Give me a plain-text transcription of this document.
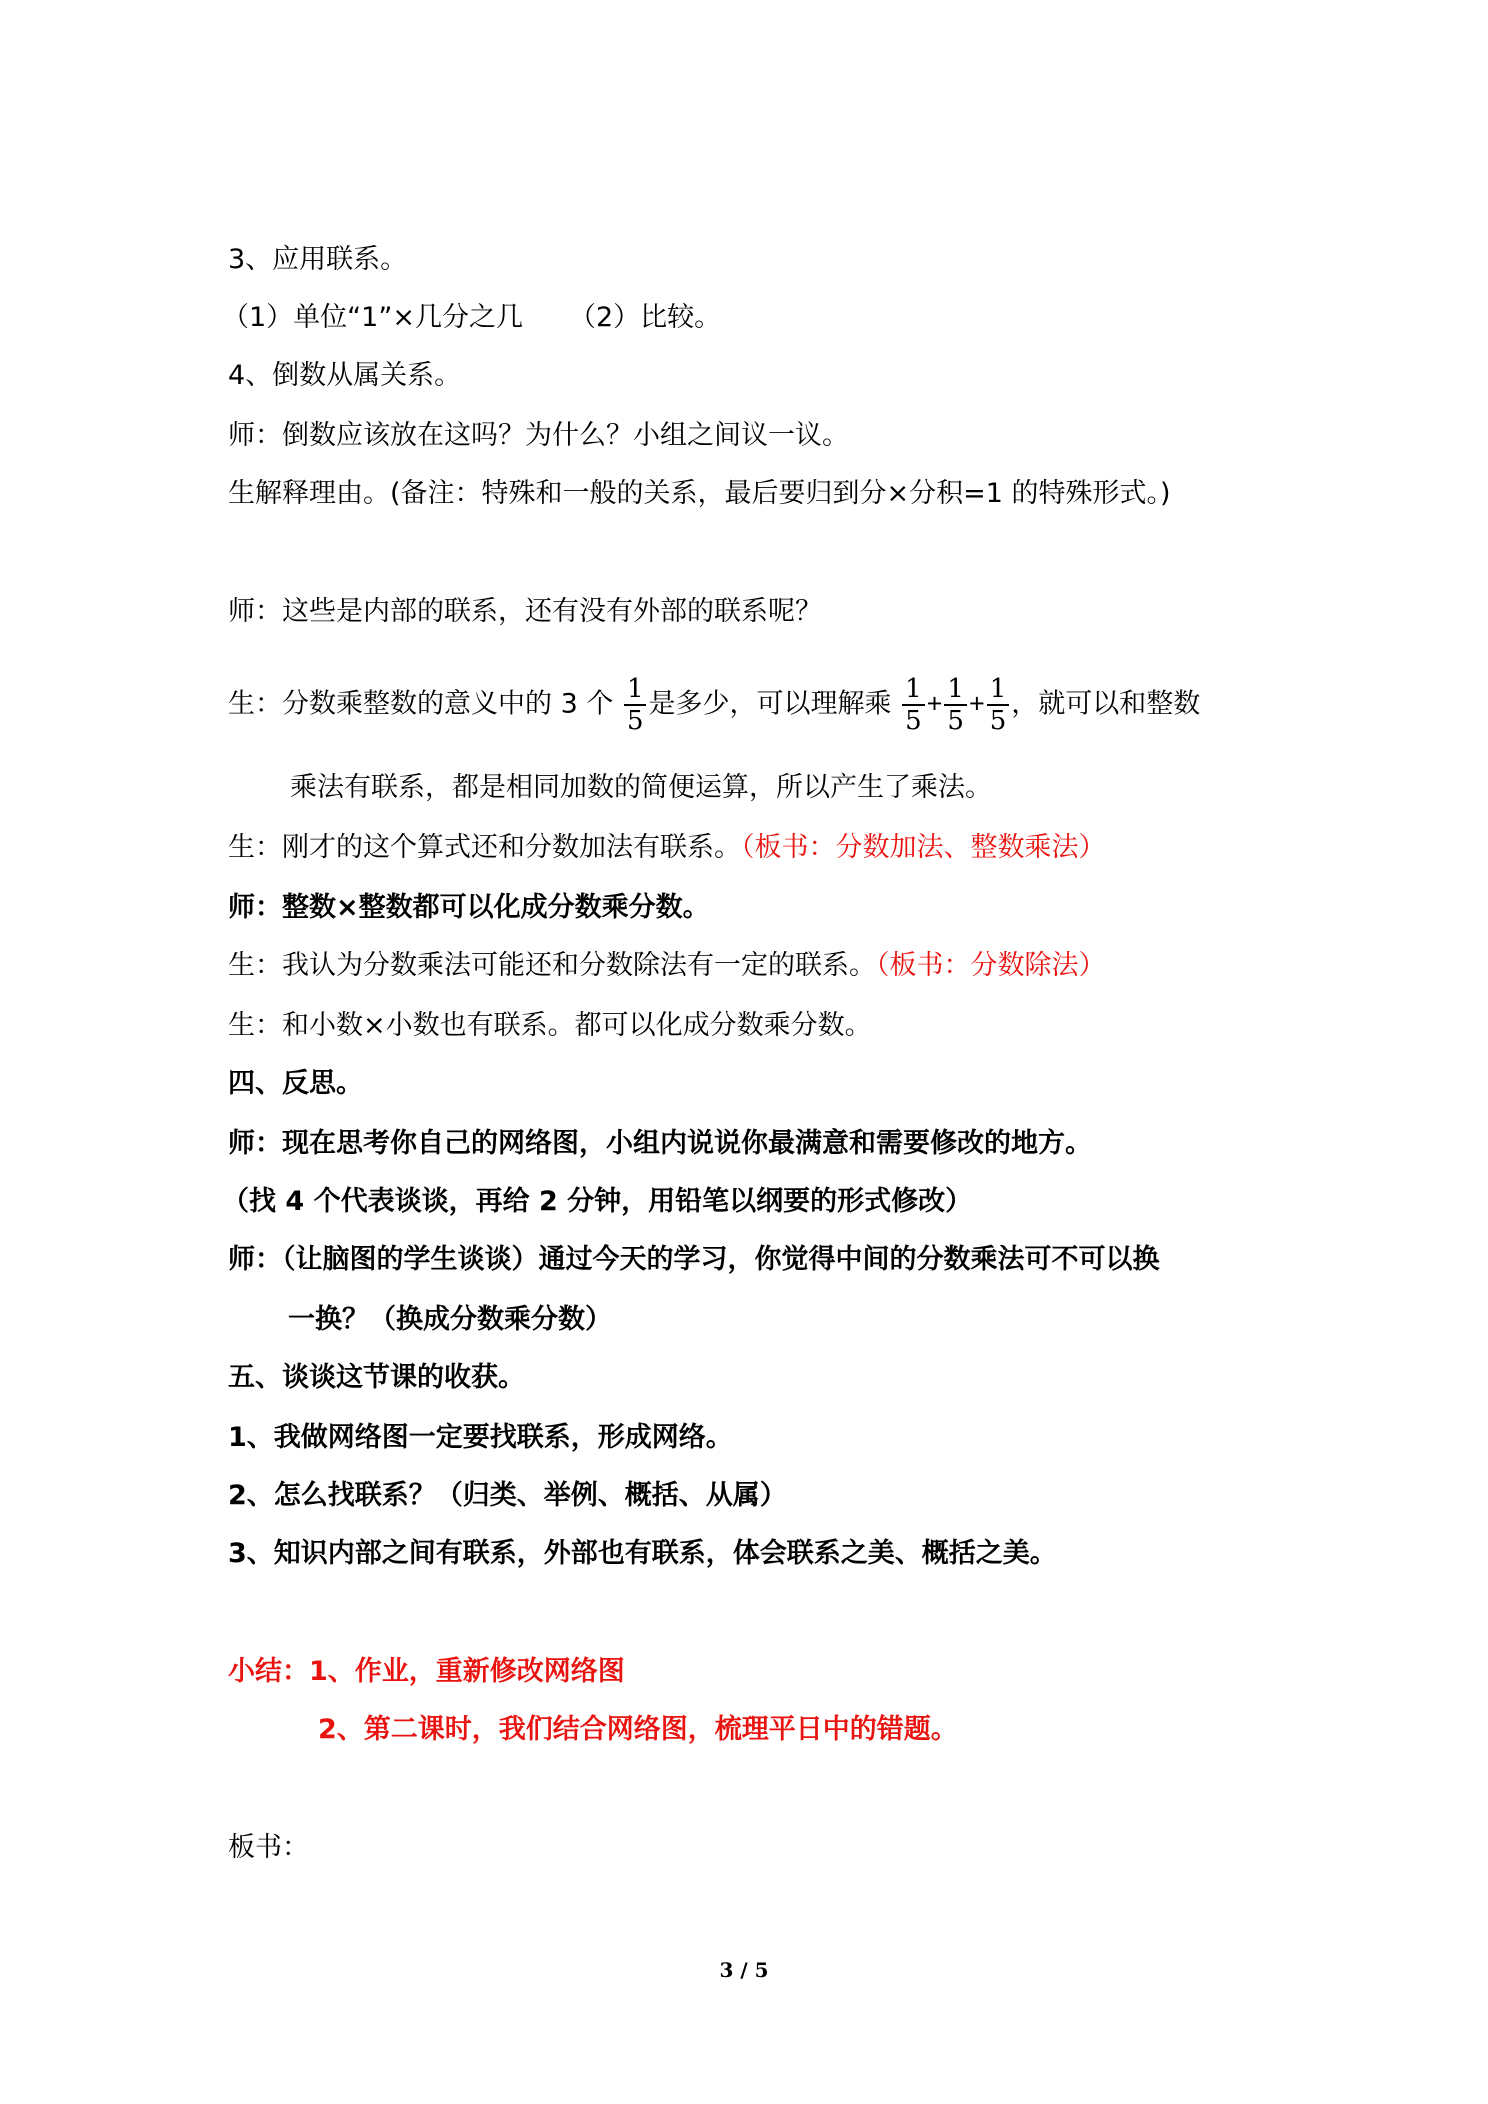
3、应用联系。
（1）单位“1”×几分之几 （2）比较。
4、倒数从属关系。
师：倒数应该放在这吗？为什么？小组之间议一议。
生解释理由。(备注：特殊和一般的关系，最后要归到分×分积=1 的特殊形式。)
师：这些是内部的联系，还有没有外部的联系呢？
生：分数乘整数的意义中的 3 个 $\frac{1}{5}$ 是多少，可以理解乘 $\frac{1}{5} + \frac{1}{5} + \frac{1}{5}$ ，就可以和整数
乘法有联系，都是相同加数的简便运算，所以产生了乘法。
生：刚才的这个算式还和分数加法有联系。（板书：分数加法、整数乘法）
师：整数×整数都可以化成分数乘分数。
生：我认为分数乘法可能还和分数除法有一定的联系。（板书：分数除法）
生：和小数×小数也有联系。都可以化成分数乘分数。
四、反思。
师：现在思考你自己的网络图，小组内说说你最满意和需要修改的地方。
（找 4 个代表谈谈，再给 2 分钟，用铅笔以纲要的形式修改）
师：（让脑图的学生谈谈）通过今天的学习，你觉得中间的分数乘法可不可以换
一换？（换成分数乘分数）
五、谈谈这节课的收获。
1、我做网络图一定要找联系，形成网络。
2、怎么找联系？（归类、举例、概括、从属）
3、知识内部之间有联系，外部也有联系，体会联系之美、概括之美。
小结：1、作业，重新修改网络图
2、第二课时，我们结合网络图，梳理平日中的错题。
板书：
3 / 5
